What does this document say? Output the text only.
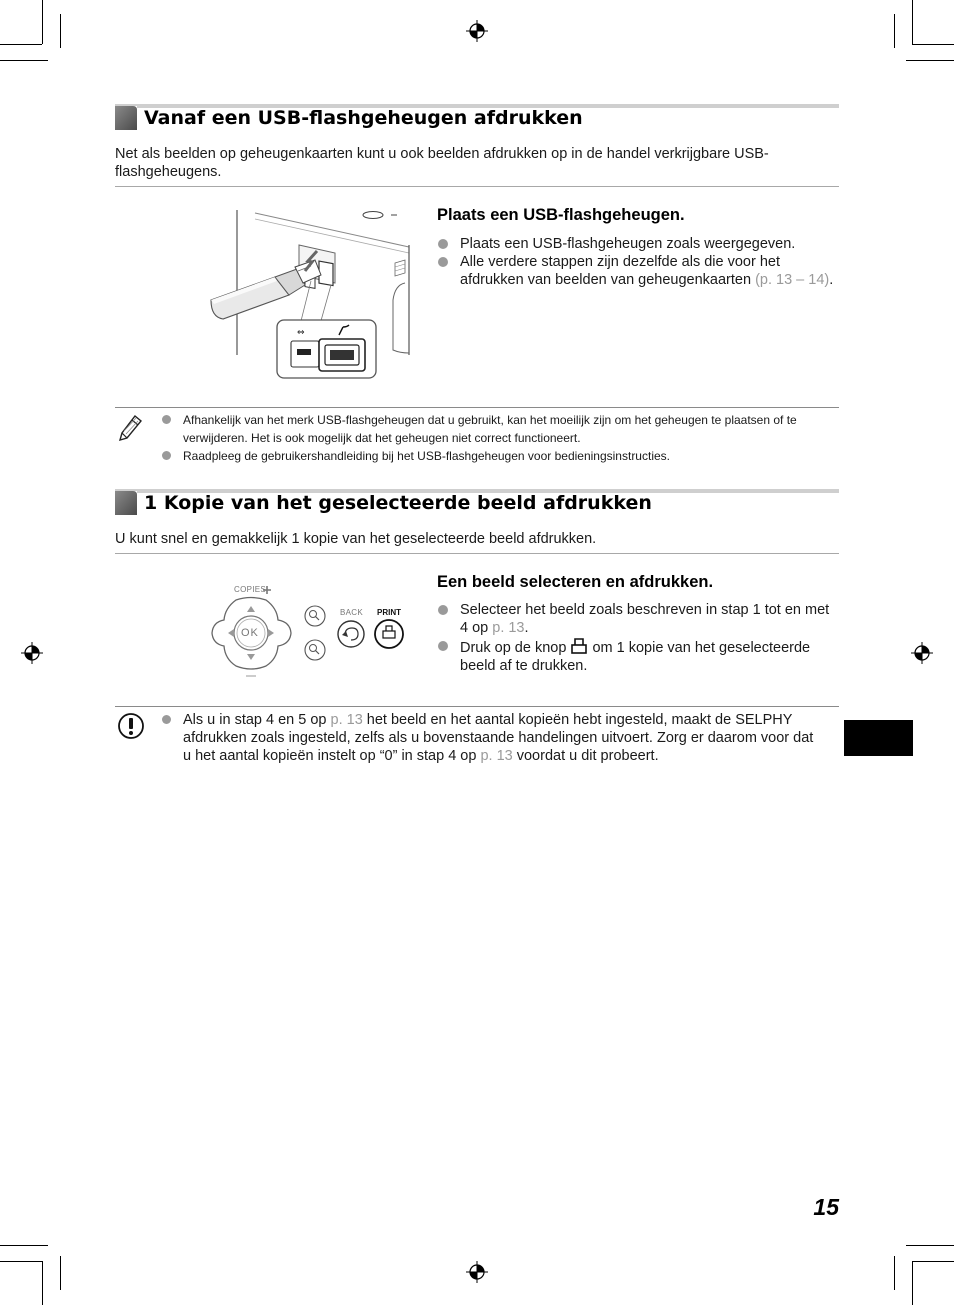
Vanaf een USB-flashgeheugen afdrukken
Net als beelden op geheugenkaarten kunt u ook beelden afdrukken op in de handel verkrijgbare USB-flashgeheugens.
⇔
Plaats een USB-flashgeheugen.
Plaats een USB-flashgeheugen zoals weergegeven.
Alle verdere stappen zijn dezelfde als die voor het afdrukken van beelden van geheugenkaarten (p. 13 – 14).
Afhankelijk van het merk USB-flashgeheugen dat u gebruikt, kan het moeilijk zijn om het geheugen te plaatsen of te verwijderen. Het is ook mogelijk dat het geheugen niet correct functioneert.
Raadpleeg de gebruikershandleiding bij het USB-flashgeheugen voor bedieningsinstructies.
1 Kopie van het geselecteerde beeld afdrukken
U kunt snel en gemakkelijk 1 kopie van het geselecteerde beeld afdrukken.
COPIES
OK
BACK PRINT
Een beeld selecteren en afdrukken.
Selecteer het beeld zoals beschreven in stap 1 tot en met 4 op p. 13.
Druk op de knop  om 1 kopie van het geselecteerde beeld af te drukken.
Als u in stap 4 en 5 op p. 13 het beeld en het aantal kopieën hebt ingesteld, maakt de SELPHY afdrukken zoals ingesteld, zelfs als u bovenstaande handelingen uitvoert. Zorg er daarom voor dat u het aantal kopieën instelt op “0” in stap 4 op p. 13 voordat u dit probeert.
15
